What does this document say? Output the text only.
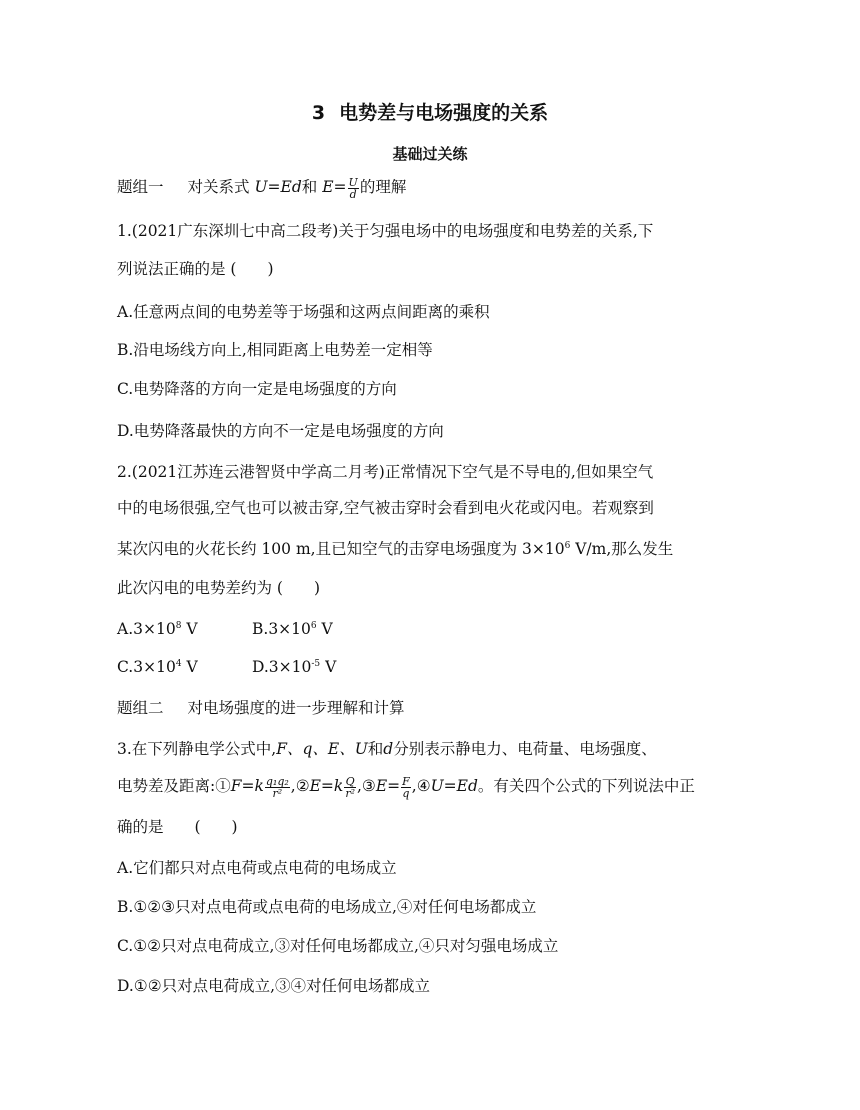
3 电势差与电场强度的关系
基础过关练
题组一 对关系式 U=Ed和 $E= \frac{U}{d}$ 的理解
1.(2021广东深圳七中高二段考)关于匀强电场中的电场强度和电势差的关系,下
列说法正确的是 (　　)
A.任意两点间的电势差等于场强和这两点间距离的乘积
B.沿电场线方向上,相同距离上电势差一定相等
C.电势降落的方向一定是电场强度的方向
D.电势降落最快的方向不一定是电场强度的方向
2.(2021江苏连云港智贤中学高二月考)正常情况下空气是不导电的,但如果空气
中的电场很强,空气也可以被击穿,空气被击穿时会看到电火花或闪电。若观察到
某次闪电的火花长约 100 m,且已知空气的击穿电场强度为 $3\times 10^6$ V/m,那么发生
此次闪电的电势差约为 (　　)
$A.3\times 10^8$ V	$B.3\times 10^6$ V
$C.3\times 10^4$ V	$D.3\times 10^{-5}$ V
题组二 对电场强度的进一步理解和计算
3.在下列静电学公式中,F、q、E、U和d分别表示静电力、电荷量、电场强度、
电势差及距离:①F=k $\frac{\text{q₁q₂}}{\text{r²}}$ ,②E=k $\frac{Q}{\text{r²}}$ ,③E= $\frac{F}{q}$ ,④U=Ed。有关四个公式的下列说法中正
确的是　　(　　)
A.它们都只对点电荷或点电荷的电场成立
B.①②③只对点电荷或点电荷的电场成立,④对任何电场都成立
C.①②只对点电荷成立,③对任何电场都成立,④只对匀强电场成立
D.①②只对点电荷成立,③④对任何电场都成立
